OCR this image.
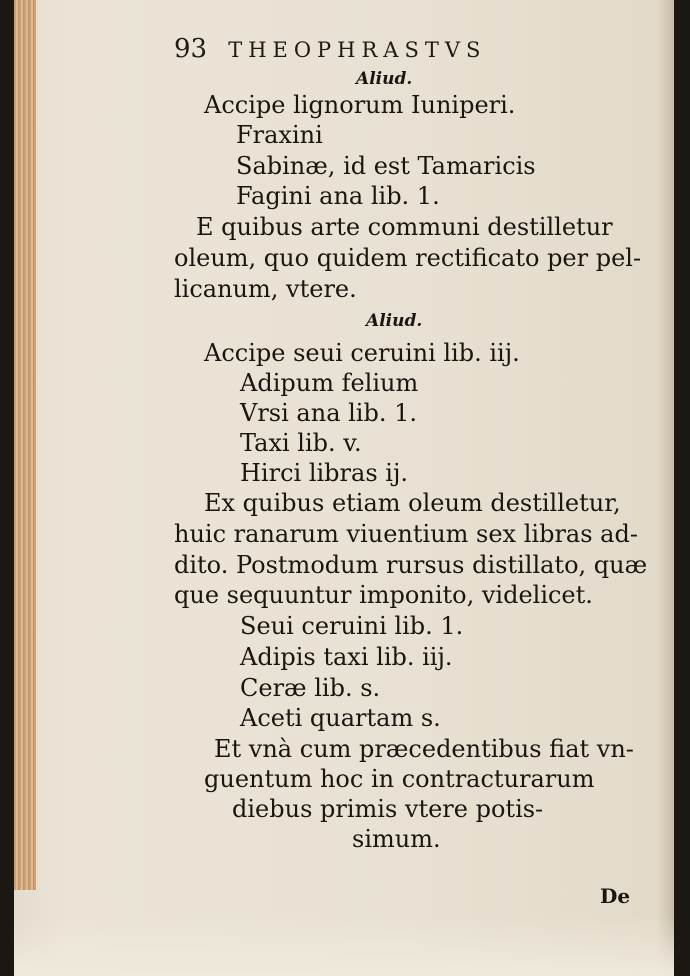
93 THEOPHRASTVS
Aliud.
Accipe lignorum Iuniperi.
Fraxini
Sabinæ, id est Tamaricis
Fagini ana lib. 1.
E quibus arte communi destilletur
oleum, quo quidem rectificato per pel-
licanum, vtere.
Aliud.
Accipe seui ceruini lib. iij.
Adipum felium
Vrsi ana lib. 1.
Taxi lib. v.
Hirci libras ij.
Ex quibus etiam oleum destilletur,
huic ranarum viuentium sex libras ad-
dito. Postmodum rursus distillato, quæ
que sequuntur imponito, videlicet.
Seui ceruini lib. 1.
Adipis taxi lib. iij.
Ceræ lib. s.
Aceti quartam s.
Et vnà cum præcedentibus fiat vn-
guentum hoc in contracturarum
diebus primis vtere potis-
simum.
De
